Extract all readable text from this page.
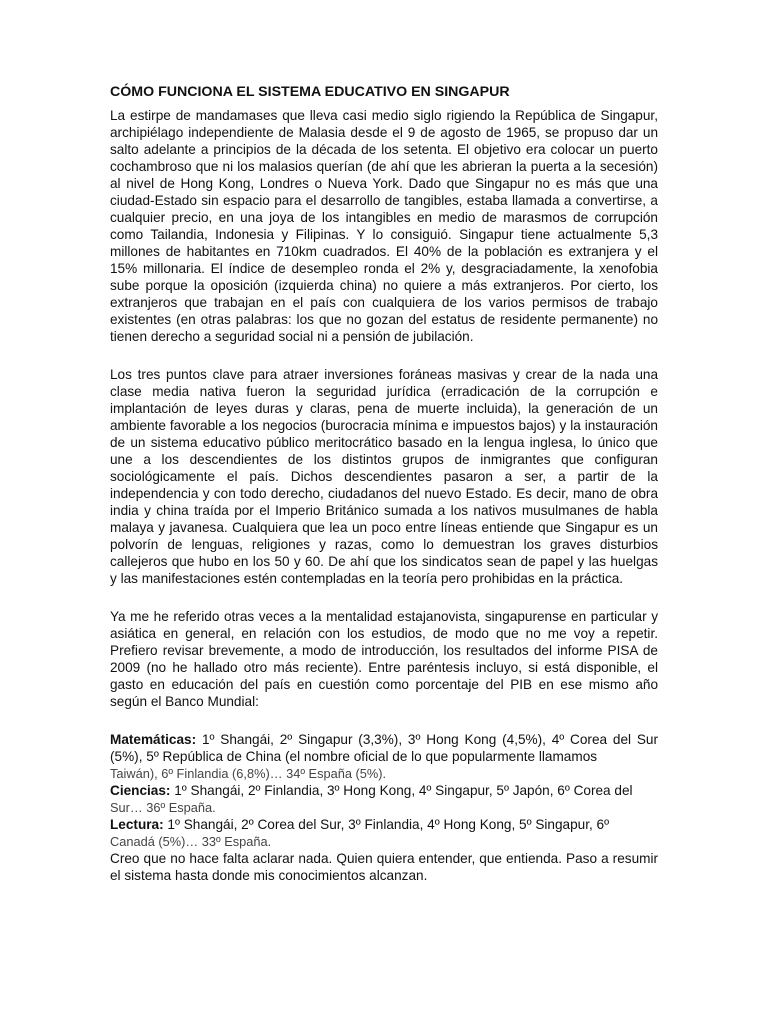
CÓMO FUNCIONA EL SISTEMA EDUCATIVO EN SINGAPUR

La estirpe de mandamases que lleva casi medio siglo rigiendo la República de Singapur, archipiélago independiente de Malasia desde el 9 de agosto de 1965, se propuso dar un salto adelante a principios de la década de los setenta. El objetivo era colocar un puerto cochambroso que ni los malasios querían (de ahí que les abrieran la puerta a la secesión) al nivel de Hong Kong, Londres o Nueva York. Dado que Singapur no es más que una ciudad-Estado sin espacio para el desarrollo de tangibles, estaba llamada a convertirse, a cualquier precio, en una joya de los intangibles en medio de marasmos de corrupción como Tailandia, Indonesia y Filipinas. Y lo consiguió. Singapur tiene actualmente 5,3 millones de habitantes en 710km cuadrados. El 40% de la población es extranjera y el 15% millonaria. El índice de desempleo ronda el 2% y, desgraciadamente, la xenofobia sube porque la oposición (izquierda china) no quiere a más extranjeros. Por cierto, los extranjeros que trabajan en el país con cualquiera de los varios permisos de trabajo existentes (en otras palabras: los que no gozan del estatus de residente permanente) no tienen derecho a seguridad social ni a pensión de jubilación.

Los tres puntos clave para atraer inversiones foráneas masivas y crear de la nada una clase media nativa fueron la seguridad jurídica (erradicación de la corrupción e implantación de leyes duras y claras, pena de muerte incluida), la generación de un ambiente favorable a los negocios (burocracia mínima e impuestos bajos) y la instauración de un sistema educativo público meritocrático basado en la lengua inglesa, lo único que une a los descendientes de los distintos grupos de inmigrantes que configuran sociológicamente el país. Dichos descendientes pasaron a ser, a partir de la independencia y con todo derecho, ciudadanos del nuevo Estado. Es decir, mano de obra india y china traída por el Imperio Británico sumada a los nativos musulmanes de habla malaya y javanesa. Cualquiera que lea un poco entre líneas entiende que Singapur es un polvorín de lenguas, religiones y razas, como lo demuestran los graves disturbios callejeros que hubo en los 50 y 60. De ahí que los sindicatos sean de papel y las huelgas y las manifestaciones estén contempladas en la teoría pero prohibidas en la práctica.

Ya me he referido otras veces a la mentalidad estajanovista, singapurense en particular y asiática en general, en relación con los estudios, de modo que no me voy a repetir. Prefiero revisar brevemente, a modo de introducción, los resultados del informe PISA de 2009 (no he hallado otro más reciente). Entre paréntesis incluyo, si está disponible, el gasto en educación del país en cuestión como porcentaje del PIB en ese mismo año según el Banco Mundial:

Matemáticas: 1º Shangái, 2º Singapur (3,3%), 3º Hong Kong (4,5%), 4º Corea del Sur (5%), 5º República de China (el nombre oficial de lo que popularmente llamamos

Taiwán), 6º Finlandia (6,8%)… 34º España (5%).

Ciencias: 1º Shangái, 2º Finlandia, 3º Hong Kong, 4º Singapur, 5º Japón, 6º Corea del

Sur… 36º España.

Lectura: 1º Shangái, 2º Corea del Sur, 3º Finlandia, 4º Hong Kong, 5º Singapur, 6º

Canadá (5%)… 33º España.

Creo que no hace falta aclarar nada. Quien quiera entender, que entienda. Paso a resumir el sistema hasta donde mis conocimientos alcanzan.
